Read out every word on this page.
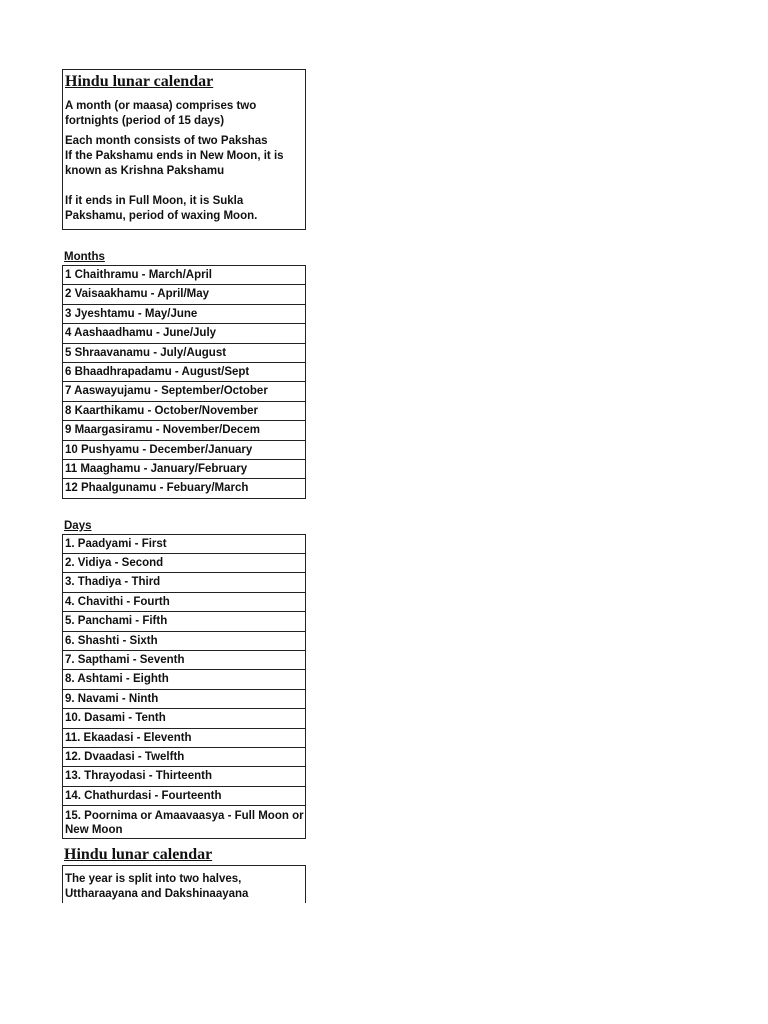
Hindu lunar calendar
A month (or maasa) comprises two fortnights (period of 15 days)
Each month consists of two Pakshas
If the Pakshamu ends in New Moon, it is known as Krishna Pakshamu
If it ends in Full Moon, it is Sukla Pakshamu, period of waxing Moon.
Months
1 Chaithramu - March/April
2 Vaisaakhamu - April/May
3 Jyeshtamu - May/June
4 Aashaadhamu - June/July
5 Shraavanamu - July/August
6 Bhaadhrapadamu - August/Sept
7 Aaswayujamu - September/October
8 Kaarthikamu - October/November
9 Maargasiramu - November/Decem
10 Pushyamu - December/January
11 Maaghamu - January/February
12 Phaalgunamu - Febuary/March
Days
1. Paadyami - First
2. Vidiya - Second
3. Thadiya - Third
4. Chavithi - Fourth
5. Panchami - Fifth
6. Shashti - Sixth
7. Sapthami - Seventh
8. Ashtami - Eighth
9. Navami - Ninth
10. Dasami - Tenth
11. Ekaadasi - Eleventh
12. Dvaadasi - Twelfth
13. Thrayodasi - Thirteenth
14. Chathurdasi - Fourteenth
15. Poornima or Amaavaasya - Full Moon or New Moon
Hindu lunar calendar
The year is split into two halves, Uttharaayana and Dakshinaayana
